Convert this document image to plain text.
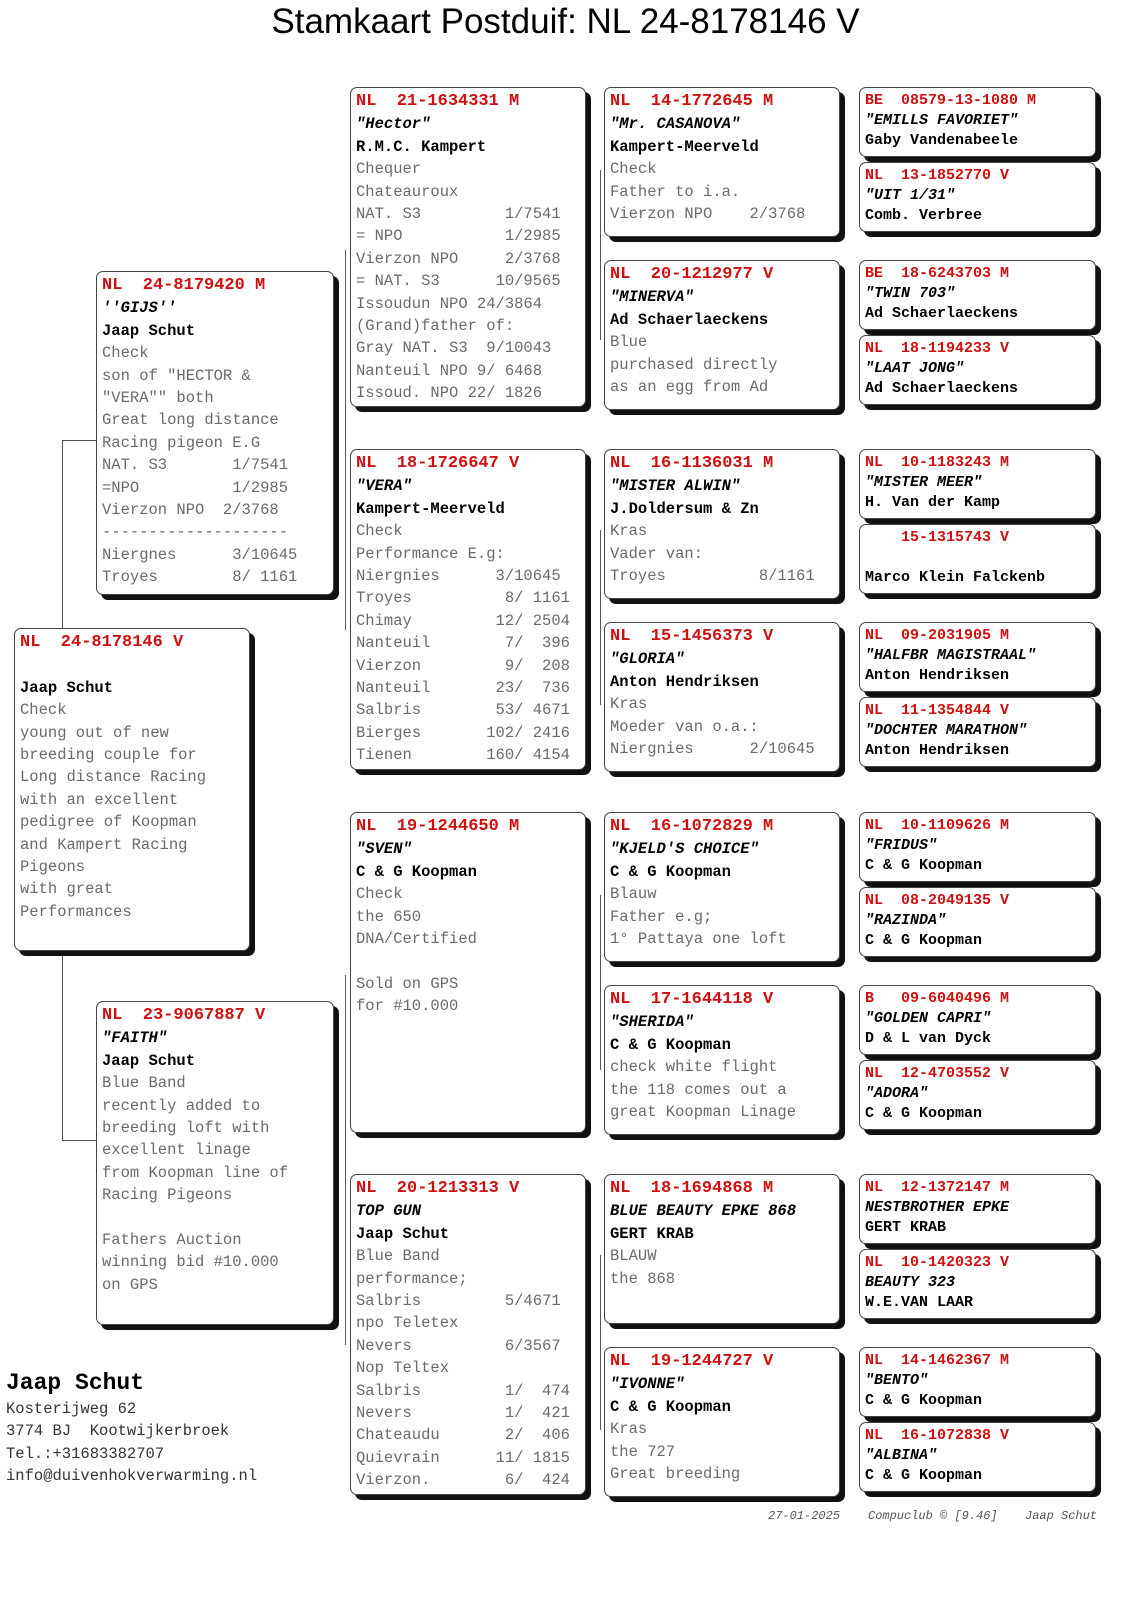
Stamkaart Postduif: NL 24-8178146 V
NL  24-8178146 V
Jaap Schut
Check
young out of new
breeding couple for
Long distance Racing
with an excellent
pedigree of Koopman
and Kampert Racing
Pigeons
with great
Performances
NL  24-8179420 M
''GIJS''
Jaap Schut
Check
son of "HECTOR &
"VERA"" both
Great long distance
Racing pigeon E.G
NAT. S3       1/7541
=NPO          1/2985
Vierzon NPO  2/3768
--------------------
Niergnes      3/10645
Troyes        8/ 1161
NL  23-9067887 V
"FAITH"
Jaap Schut
Blue Band
recently added to
breeding loft with
excellent linage
from Koopman line of
Racing Pigeons
Fathers Auction
winning bid #10.000
on GPS
NL  21-1634331 M
"Hector"
R.M.C. Kampert
Chequer
Chateauroux
NAT. S3         1/7541
= NPO           1/2985
Vierzon NPO     2/3768
= NAT. S3      10/9565
Issoudun NPO 24/3864
(Grand)father of:
Gray NAT. S3  9/10043
Nanteuil NPO 9/ 6468
Issoud. NPO 22/ 1826
NL  18-1726647 V
"VERA"
Kampert-Meerveld
Check
Performance E.g:
Niergnies      3/10645
Troyes          8/ 1161
Chimay         12/ 2504
Nanteuil        7/  396
Vierzon         9/  208
Nanteuil       23/  736
Salbris        53/ 4671
Bierges       102/ 2416
Tienen        160/ 4154
NL  19-1244650 M
"SVEN"
C & G Koopman
Check
the 650
DNA/Certified
Sold on GPS
for #10.000
NL  20-1213313 V
TOP GUN
Jaap Schut
Blue Band
performance;
Salbris         5/4671
npo Teletex
Nevers          6/3567
Nop Teltex
Salbris         1/  474
Nevers          1/  421
Chateaudu       2/  406
Quievrain      11/ 1815
Vierzon.        6/  424
NL  14-1772645 M
"Mr. CASANOVA"
Kampert-Meerveld
Check
Father to i.a.
Vierzon NPO    2/3768
NL  20-1212977 V
"MINERVA"
Ad Schaerlaeckens
Blue
purchased directly
as an egg from Ad
NL  16-1136031 M
"MISTER ALWIN"
J.Doldersum & Zn
Kras
Vader van:
Troyes          8/1161
NL  15-1456373 V
"GLORIA"
Anton Hendriksen
Kras
Moeder van o.a.:
Niergnies      2/10645
NL  16-1072829 M
"KJELD'S CHOICE"
C & G Koopman
Blauw
Father e.g;
1° Pattaya one loft
NL  17-1644118 V
"SHERIDA"
C & G Koopman
check white flight
the 118 comes out a
great Koopman Linage
NL  18-1694868 M
BLUE BEAUTY EPKE 868
GERT KRAB
BLAUW
the 868
NL  19-1244727 V
"IVONNE"
C & G Koopman
Kras
the 727
Great breeding
BE  08579-13-1080 M
"EMILLS FAVORIET"
Gaby Vandenabeele
NL  13-1852770 V
"UIT 1/31"
Comb. Verbree
BE  18-6243703 M
"TWIN 703"
Ad Schaerlaeckens
NL  18-1194233 V
"LAAT JONG"
Ad Schaerlaeckens
NL  10-1183243 M
"MISTER MEER"
H. Van der Kamp
15-1315743 V
Marco Klein Falckenb
NL  09-2031905 M
"HALFBR MAGISTRAAL"
Anton Hendriksen
NL  11-1354844 V
"DOCHTER MARATHON"
Anton Hendriksen
NL  10-1109626 M
"FRIDUS"
C & G Koopman
NL  08-2049135 V
"RAZINDA"
C & G Koopman
B   09-6040496 M
"GOLDEN CAPRI"
D & L van Dyck
NL  12-4703552 V
"ADORA"
C & G Koopman
NL  12-1372147 M
NESTBROTHER EPKE
GERT KRAB
NL  10-1420323 V
BEAUTY 323
W.E.VAN LAAR
NL  14-1462367 M
"BENTO"
C & G Koopman
NL  16-1072838 V
"ALBINA"
C & G Koopman
Jaap Schut
Kosterijweg 62
3774 BJ  Kootwijkerbroek
Tel.:+31683382707
info@duivenhokverwarming.nl
27-01-2025 Compuclub © [9.46] Jaap Schut
